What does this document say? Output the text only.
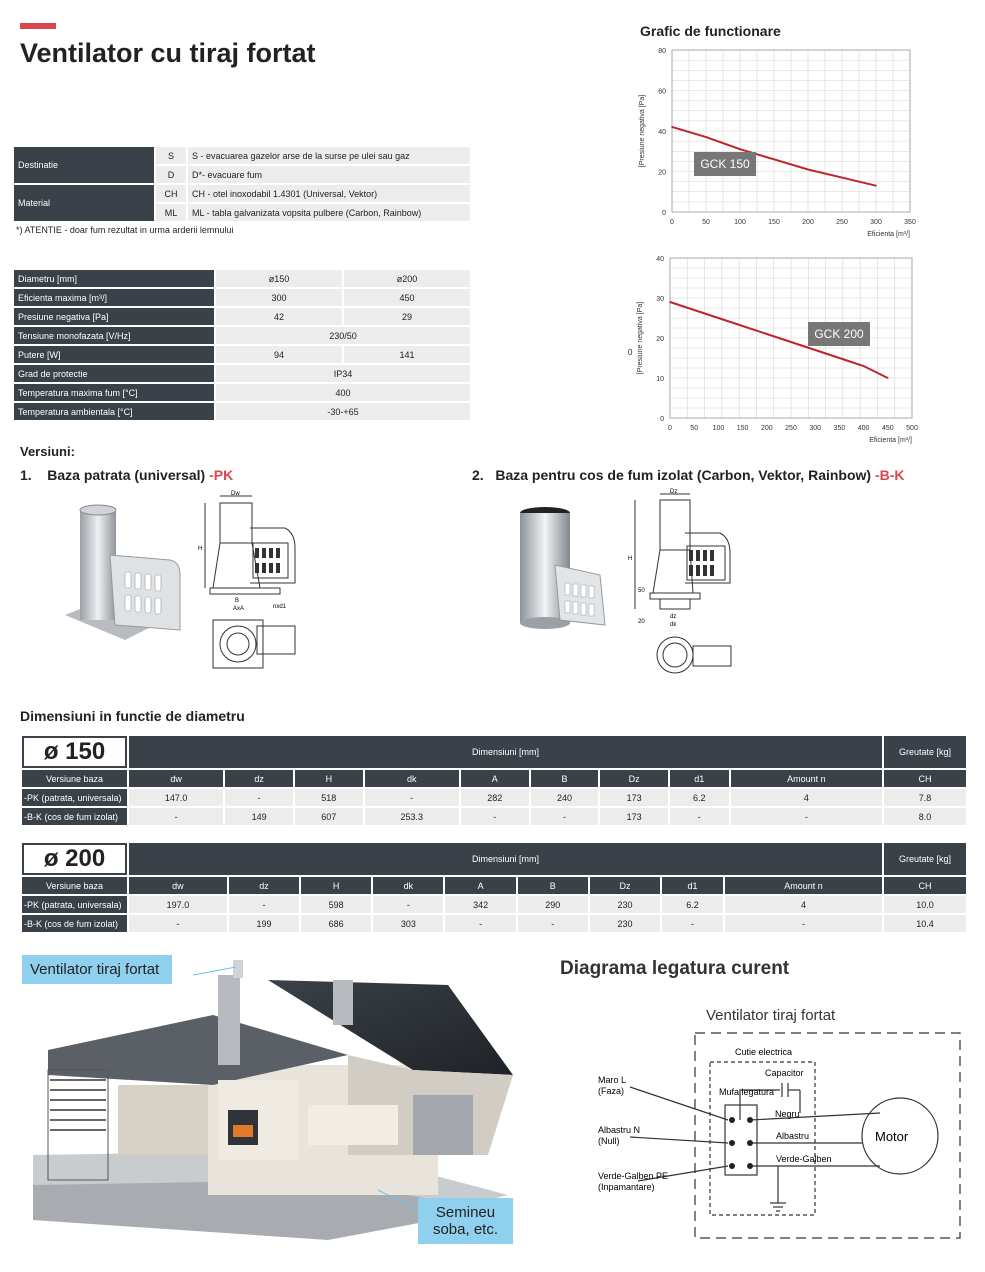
Ventilator cu tiraj fortat
Destinatie	S	S - evacuarea gazelor arse de la surse pe ulei sau gaz
	D	D*- evacuare fum
Material	CH	CH - otel inoxodabil 1.4301 (Universal, Vektor)
	ML	ML - tabla galvanizata vopsita pulbere (Carbon, Rainbow)
*) ATENTIE - doar fum rezultat in urma arderii lemnului
Diametru [mm]	ø150	ø200
Eficienta maxima [m³/]	300	450
Presiune negativa [Pa]	42	29
Tensiune monofazata [V/Hz]	230/50	
Putere [W]	94	141
Grad de protectie	IP34	
Temperatura maxima fum [°C]	400	
Temperatura ambientala [°C]	-30-+65	
Grafic de functionare
0	50	100	150	200	250	300	350
0
20
40
60
80
GCK 150
Eficienta [m³/]
[Presiune negativa [Pa]
0	50 100 150 200 250 300 350 400 450 500
0
10
20
30
40
GCK 200
Eficienta [m³/]
[Presiune negativa [Pa]
0
Versiuni:
1. Baza patrata (universal) -PK	2. Baza pentru cos de fum izolat (Carbon, Vektor, Rainbow) -B-K
Dw
H
B
AxA	nxd1
Dz
H
dz
dk
50
20
Dimensiuni in functie de diametru
ø 150	Dimensiuni [mm]									Greutate [kg]
Versiune baza	dw	dz	H	dk	A	B	Dz	d1	Amount n	CH
-PK (patrata, universala)	147.0	-	518	-	282	240	173	6.2	4	7.8
-B-K (cos de fum izolat)	-	149	607	253.3	-	-	173	-	-	8.0
ø 200	Dimensiuni [mm]									Greutate [kg]
Versiune baza	dw	dz	H	dk	A	B	Dz	d1	Amount n	CH
-PK (patrata, universala)	197.0	-	598	-	342	290	230	6.2	4	10.0
-B-K (cos de fum izolat)	-	199	686	303	-	-	230	-	-	10.4
Ventilator tiraj fortat
Semineu
soba, etc.
Diagrama legatura curent
Ventilator tiraj fortat
Cutie electrica
Capacitor
Mufa legatura
Negru
Albastru
Verde-Galben
Motor
Maro L
(Faza)
Albastru N
(Null)
Verde-Galben PE
(Inpamantare)
